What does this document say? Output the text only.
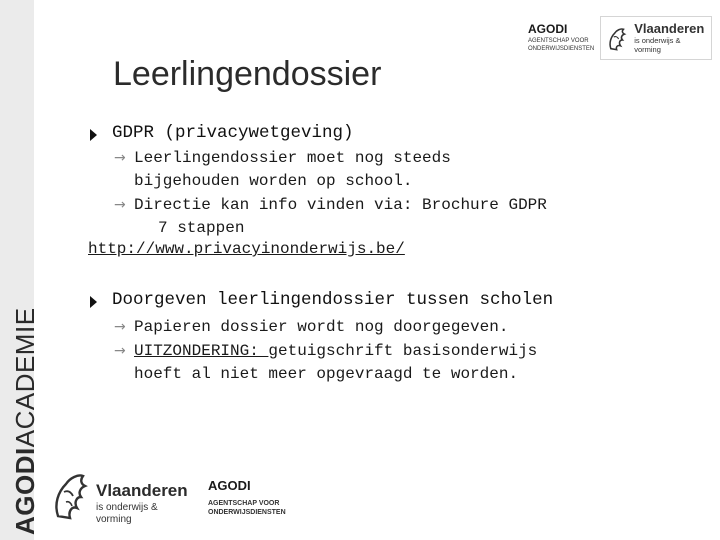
AGODIACADEMIE
AGODI
AGENTSCHAP VOOR
ONDERWIJSDIENSTEN
Vlaanderen
is onderwijs & vorming
Leerlingendossier
GDPR (privacywetgeving)
→ Leerlingendossier moet nog steeds
bijgehouden worden op school.
→ Directie kan info vinden via: Brochure GDPR
7 stappen
http://www.privacyinonderwijs.be/
Doorgeven leerlingendossier tussen scholen
→ Papieren dossier wordt nog doorgegeven.
→ UITZONDERING: getuigschrift basisonderwijs
hoeft al niet meer opgevraagd te worden.
Vlaanderen
is onderwijs & vorming
AGODI
AGENTSCHAP VOOR
ONDERWIJSDIENSTEN
